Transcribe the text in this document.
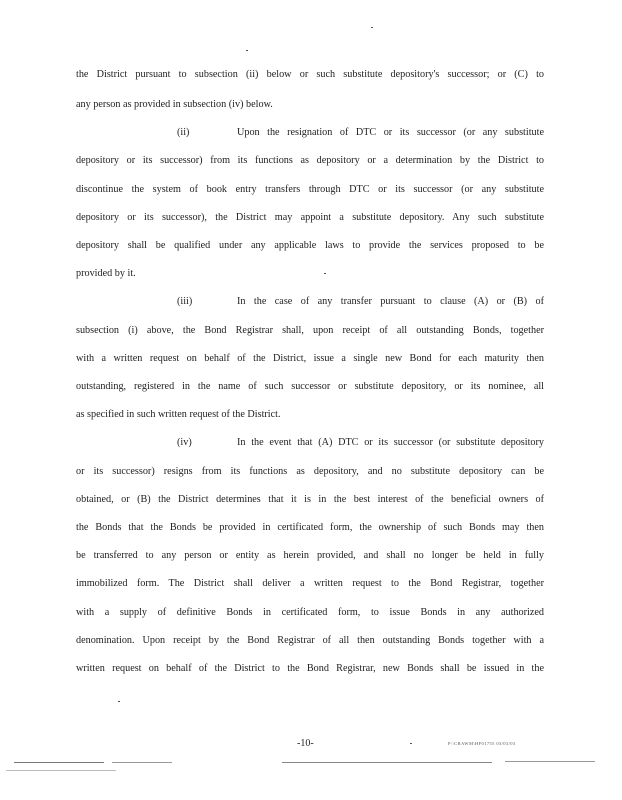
the District pursuant to subsection (ii) below or such substitute depository's successor; or (C) to
any person as provided in subsection (iv) below.
(ii)	Upon the resignation of DTC or its successor (or any substitute
depository or its successor) from its functions as depository or a determination by the District to
discontinue the system of book entry transfers through DTC or its successor (or any substitute
depository or its successor), the District may appoint a substitute depository. Any such substitute
depository shall be qualified under any applicable laws to provide the services proposed to be
provided by it.
(iii)	In the case of any transfer pursuant to clause (A) or (B) of
subsection (i) above, the Bond Registrar shall, upon receipt of all outstanding Bonds, together
with a written request on behalf of the District, issue a single new Bond for each maturity then
outstanding, registered in the name of such successor or substitute depository, or its nominee, all
as specified in such written request of the District.
(iv)	In the event that (A) DTC or its successor (or substitute depository
or its successor) resigns from its functions as depository, and no substitute depository can be
obtained, or (B) the District determines that it is in the best interest of the beneficial owners of
the Bonds that the Bonds be provided in certificated form, the ownership of such Bonds may then
be transferred to any person or entity as herein provided, and shall no longer be held in fully
immobilized form. The District shall deliver a written request to the Bond Registrar, together
with a supply of definitive Bonds in certificated form, to issue Bonds in any authorized
denomination. Upon receipt by the Bond Registrar of all then outstanding Bonds together with a
written request on behalf of the District to the Bond Registrar, new Bonds shall be issued in the
-10-	P:\CRAWM\HF01755 03/03/03
